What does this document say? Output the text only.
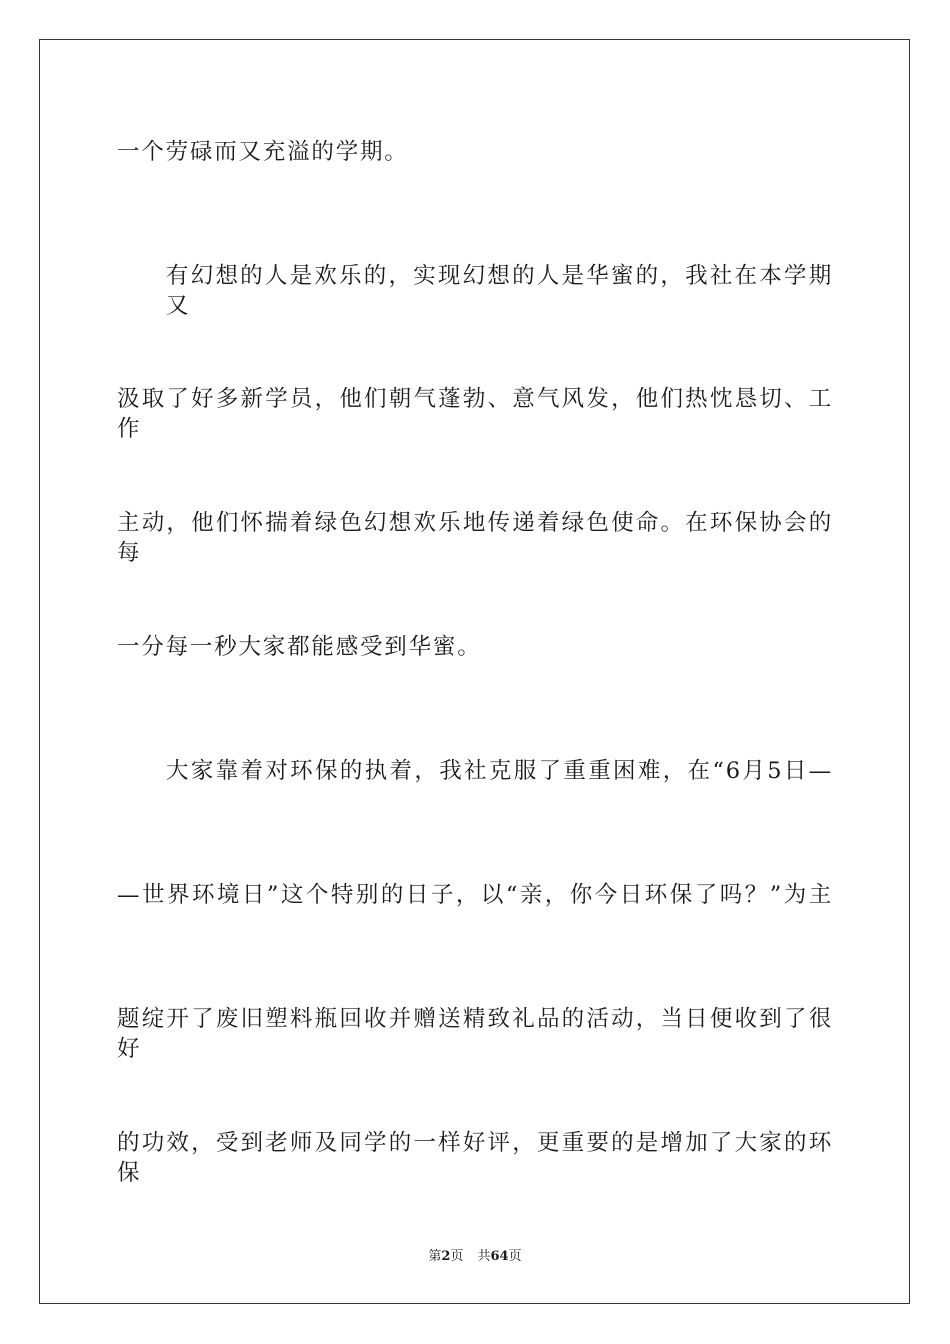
一个劳碌而又充溢的学期。
有幻想的人是欢乐的，实现幻想的人是华蜜的，我社在本学期又
汲取了好多新学员，他们朝气蓬勃、意气风发，他们热忱恳切、工作
主动，他们怀揣着绿色幻想欢乐地传递着绿色使命。在环保协会的每
一分每一秒大家都能感受到华蜜。
大家靠着对环保的执着，我社克服了重重困难，在“6月5日—
—世界环境日”这个特别的日子，以“亲，你今日环保了吗？”为主
题绽开了废旧塑料瓶回收并赠送精致礼品的活动，当日便收到了很好
的功效，受到老师及同学的一样好评，更重要的是增加了大家的环保
第2页 共64页
